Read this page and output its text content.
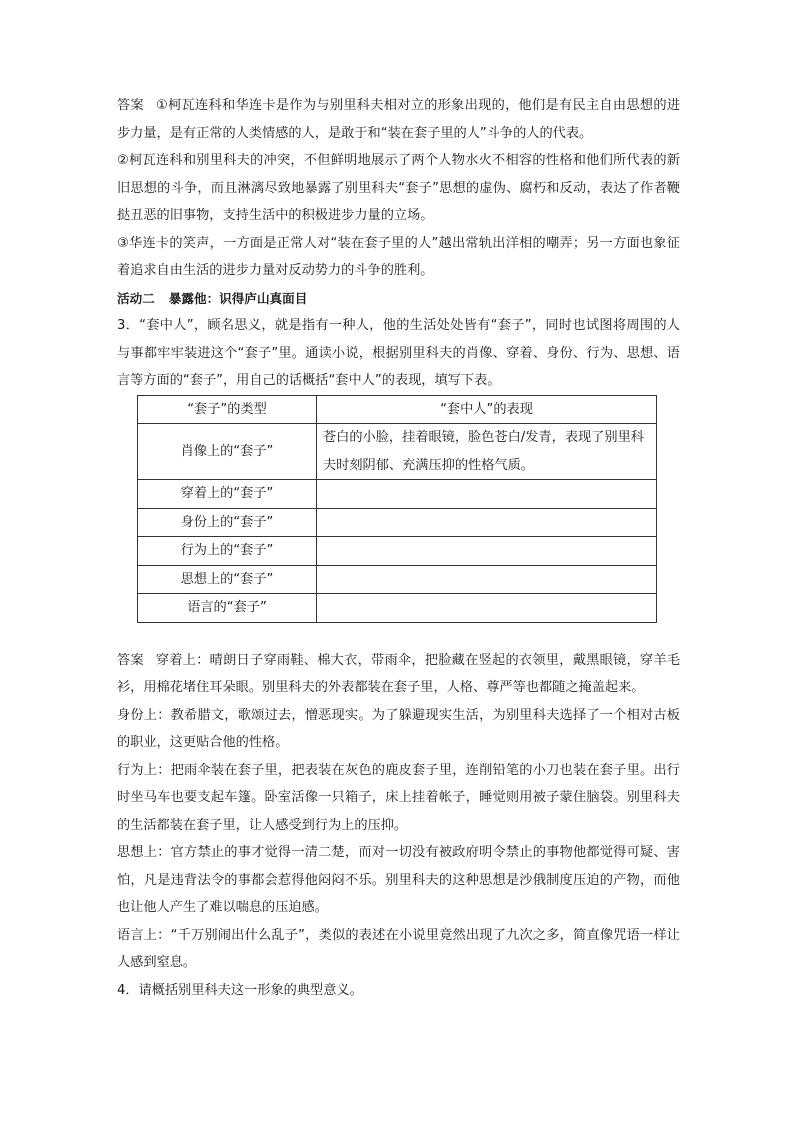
答案 ①柯瓦连科和华连卡是作为与别里科夫相对立的形象出现的，他们是有民主自由思想的进步力量，是有正常的人类情感的人，是敢于和“装在套子里的人”斗争的人的代表。

②柯瓦连科和别里科夫的冲突，不但鲜明地展示了两个人物水火不相容的性格和他们所代表的新旧思想的斗争，而且淋漓尽致地暴露了别里科夫“套子”思想的虚伪、腐朽和反动，表达了作者鞭挞丑恶的旧事物，支持生活中的积极进步力量的立场。

③华连卡的笑声，一方面是正常人对“装在套子里的人”越出常轨出洋相的嘲弄；另一方面也象征着追求自由生活的进步力量对反动势力的斗争的胜利。

活动二 暴露他：识得庐山真面目

3．“套中人”，顾名思义，就是指有一种人，他的生活处处皆有“套子”，同时也试图将周围的人与事都牢牢装进这个“套子”里。通读小说，根据别里科夫的肖像、穿着、身份、行为、思想、语言等方面的“套子”，用自己的话概括“套中人”的表现，填写下表。

“套子”的类型	“套中人”的表现
肖像上的“套子”	苍白的小脸，挂着眼镜，脸色苍白/发青，表现了别里科夫时刻阴郁、充满压抑的性格气质。
穿着上的“套子”	
身份上的“套子”	
行为上的“套子”	
思想上的“套子”	
语言的“套子”	

答案 穿着上：晴朗日子穿雨鞋、棉大衣，带雨伞，把脸藏在竖起的衣领里，戴黑眼镜，穿羊毛衫，用棉花堵住耳朵眼。别里科夫的外表都装在套子里，人格、尊严等也都随之掩盖起来。

身份上：教希腊文，歌颂过去，憎恶现实。为了躲避现实生活，为别里科夫选择了一个相对古板的职业，这更贴合他的性格。

行为上：把雨伞装在套子里，把表装在灰色的鹿皮套子里，连削铅笔的小刀也装在套子里。出行时坐马车也要支起车篷。卧室活像一只箱子，床上挂着帐子，睡觉则用被子蒙住脑袋。别里科夫的生活都装在套子里，让人感受到行为上的压抑。

思想上：官方禁止的事才觉得一清二楚，而对一切没有被政府明令禁止的事物他都觉得可疑、害怕，凡是违背法令的事都会惹得他闷闷不乐。别里科夫的这种思想是沙俄制度压迫的产物，而他也让他人产生了难以喘息的压迫感。

语言上：“千万别闹出什么乱子”，类似的表述在小说里竟然出现了九次之多，简直像咒语一样让人感到窒息。

4．请概括别里科夫这一形象的典型意义。
